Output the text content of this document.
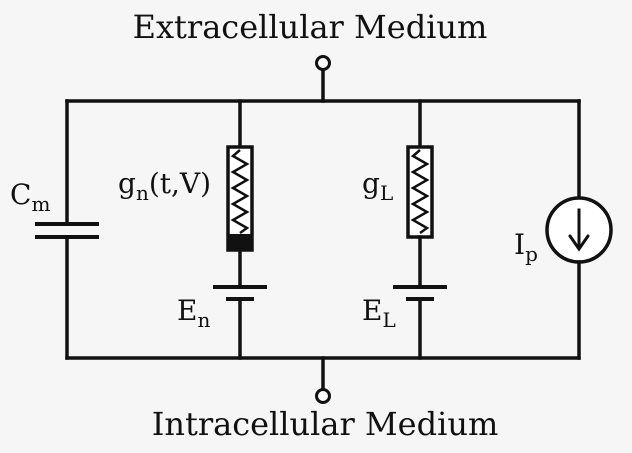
Extracellular Medium
Intracellular Medium
$C_m$
$g_n(t,V)$
$E_n$
$g_L$
$E_L$
$I_p$
